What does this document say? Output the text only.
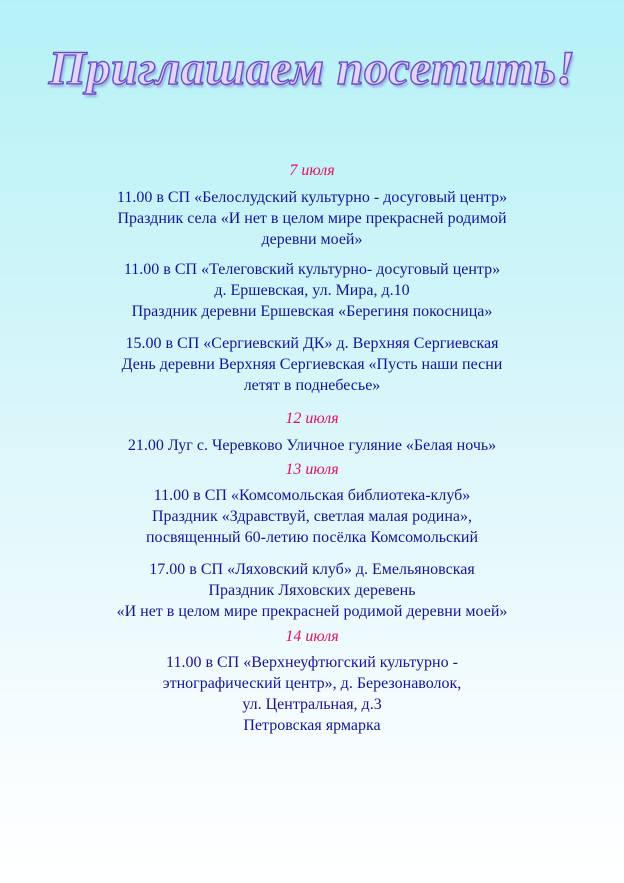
Приглашаем посетить!
7 июля
11.00 в СП «Белослудский культурно - досуговый центр»
Праздник села «И нет в целом мире прекрасней родимой
деревни моей»
11.00 в СП «Телеговский культурно- досуговый центр»
д. Ершевская, ул. Мира, д.10
Праздник деревни Ершевская «Берегиня покосница»
15.00 в СП «Сергиевский ДК» д. Верхняя Сергиевская
День деревни Верхняя Сергиевская «Пусть наши песни
летят в поднебесье»
12 июля
21.00 Луг с. Черевково Уличное гуляние «Белая ночь»
13 июля
11.00 в СП «Комсомольская библиотека-клуб»
Праздник «Здравствуй, светлая малая родина»,
посвященный 60-летию посёлка Комсомольский
17.00 в СП «Ляховский клуб» д. Емельяновская
Праздник Ляховских деревень
«И нет в целом мире прекрасней родимой деревни моей»
14 июля
11.00 в СП «Верхнеуфтюгский культурно -
этнографический центр», д. Березонаволок,
ул. Центральная, д.3
Петровская ярмарка
